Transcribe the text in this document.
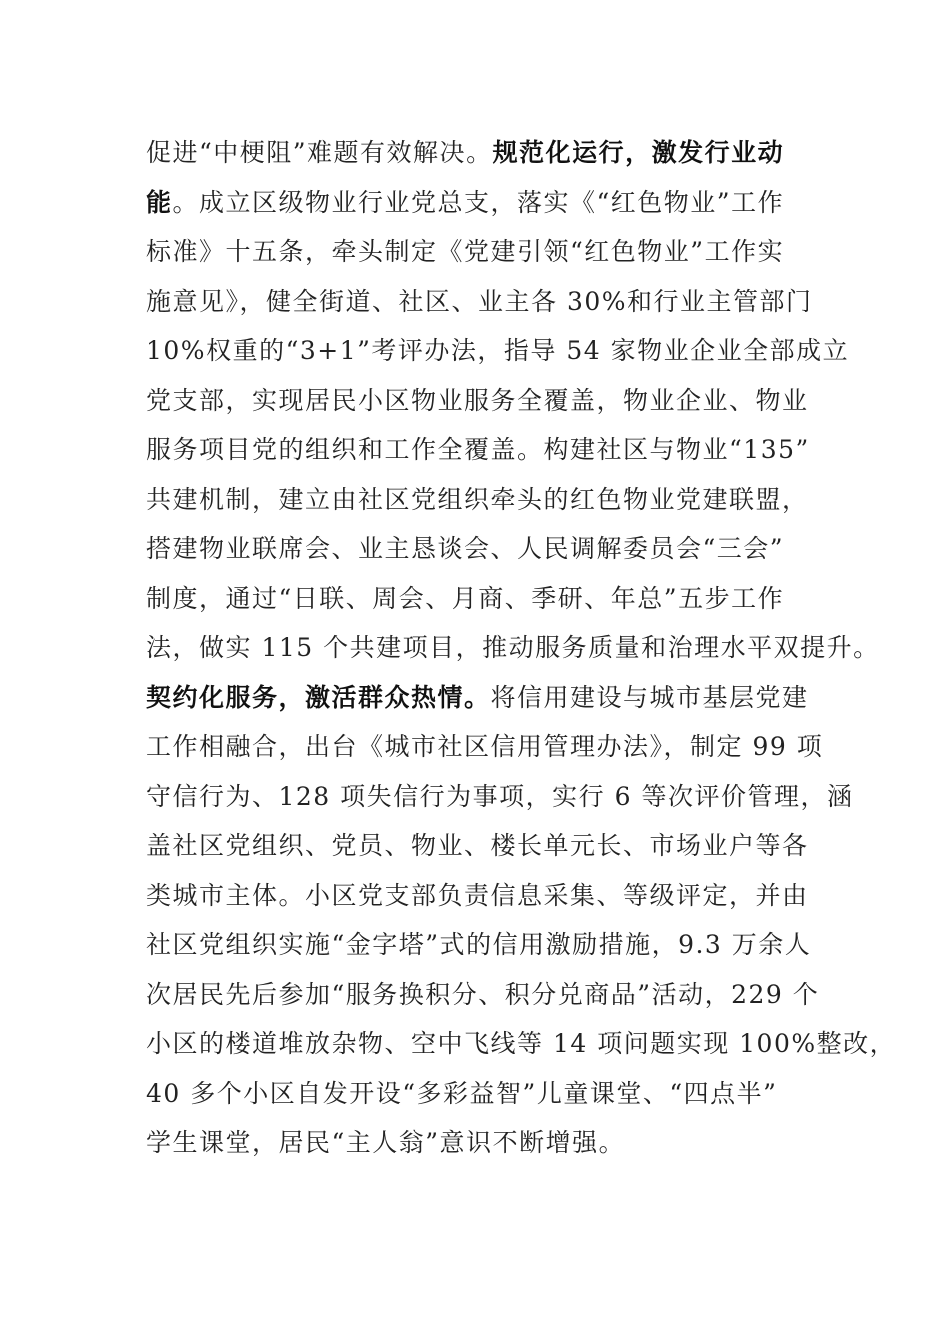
促进“中梗阻”难题有效解决。规范化运行，激发行业动
能。成立区级物业行业党总支，落实《“红色物业”工作
标准》十五条，牵头制定《党建引领“红色物业”工作实
施意见》，健全街道、社区、业主各 30%和行业主管部门
10%权重的“3+1”考评办法，指导 54 家物业企业全部成立
党支部，实现居民小区物业服务全覆盖，物业企业、物业
服务项目党的组织和工作全覆盖。构建社区与物业“135”
共建机制，建立由社区党组织牵头的红色物业党建联盟，
搭建物业联席会、业主恳谈会、人民调解委员会“三会”
制度，通过“日联、周会、月商、季研、年总”五步工作
法，做实 115 个共建项目，推动服务质量和治理水平双提升。
契约化服务，激活群众热情。将信用建设与城市基层党建
工作相融合，出台《城市社区信用管理办法》，制定 99 项
守信行为、128 项失信行为事项，实行 6 等次评价管理，涵
盖社区党组织、党员、物业、楼长单元长、市场业户等各
类城市主体。小区党支部负责信息采集、等级评定，并由
社区党组织实施“金字塔”式的信用激励措施，9.3 万余人
次居民先后参加“服务换积分、积分兑商品”活动，229 个
小区的楼道堆放杂物、空中飞线等 14 项问题实现 100%整改，
40 多个小区自发开设“多彩益智”儿童课堂、“四点半”
学生课堂，居民“主人翁”意识不断增强。
